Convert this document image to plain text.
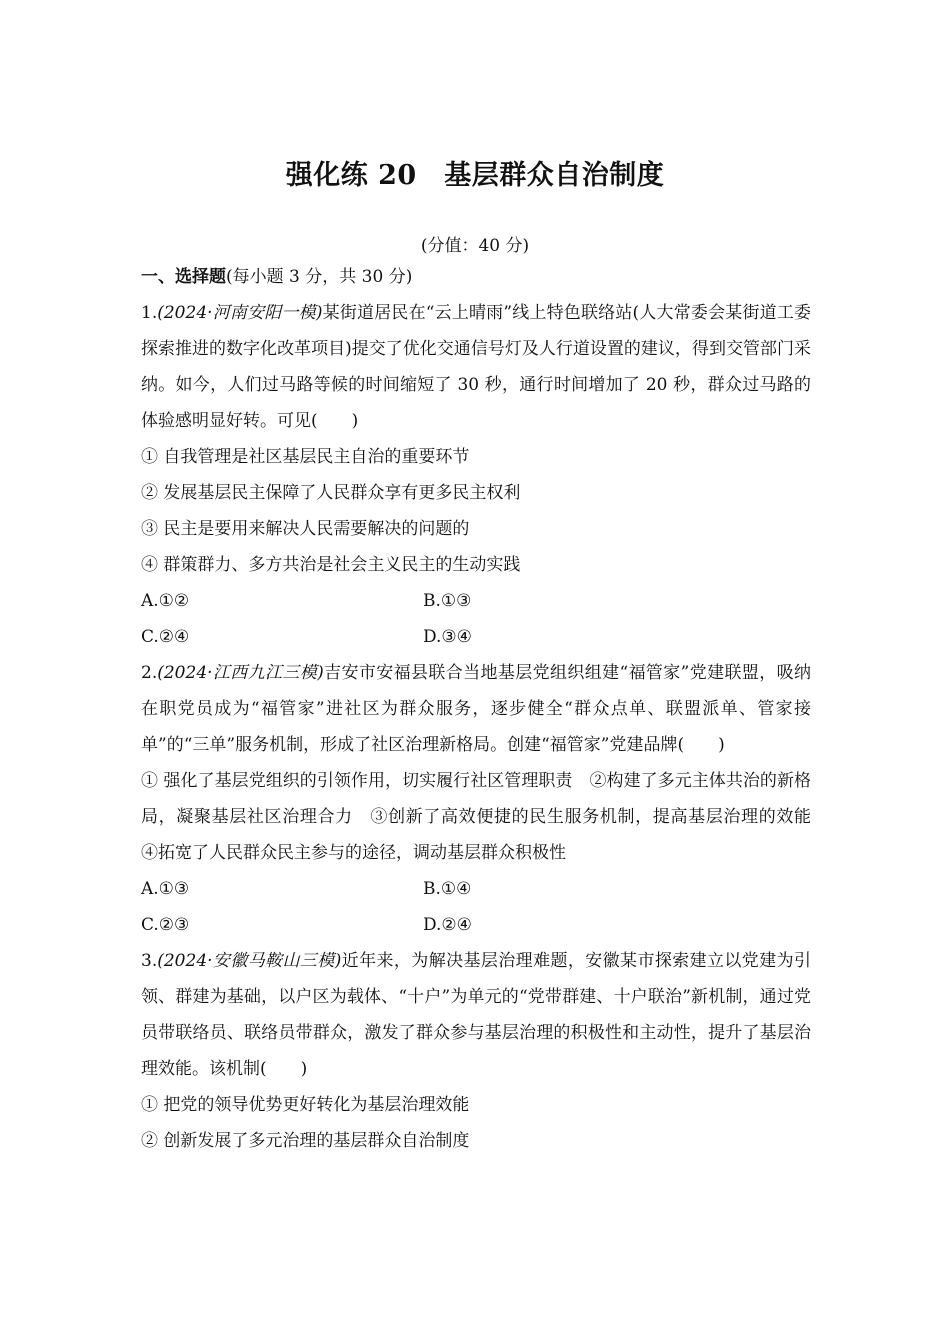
强化练 20　基层群众自治制度
(分值：40 分)
一、选择题(每小题 3 分，共 30 分)

1.(2024·河南安阳一模)某街道居民在“云上晴雨”线上特色联络站(人大常委会某街道工委探索推进的数字化改革项目)提交了优化交通信号灯及人行道设置的建议，得到交管部门采纳。如今，人们过马路等候的时间缩短了 30 秒，通行时间增加了 20 秒，群众过马路的体验感明显好转。可见(　　)

① 自我管理是社区基层民主自治的重要环节
② 发展基层民主保障了人民群众享有更多民主权利
③ 民主是要用来解决人民需要解决的问题的
④ 群策群力、多方共治是社会主义民主的生动实践
A.①②	B.①③
C.②④	D.③④

2.(2024·江西九江三模)吉安市安福县联合当地基层党组织组建“福管家”党建联盟，吸纳在职党员成为“福管家”进社区为群众服务，逐步健全“群众点单、联盟派单、管家接单”的“三单”服务机制，形成了社区治理新格局。创建“福管家”党建品牌(　　)

① 强化了基层党组织的引领作用，切实履行社区管理职责　②构建了多元主体共治的新格局，凝聚基层社区治理合力　③创新了高效便捷的民生服务机制，提高基层治理的效能　④拓宽了人民群众民主参与的途径，调动基层群众积极性

A.①③	B.①④
C.②③	D.②④

3.(2024·安徽马鞍山三模)近年来，为解决基层治理难题，安徽某市探索建立以党建为引领、群建为基础，以户区为载体、“十户”为单元的“党带群建、十户联治”新机制，通过党员带联络员、联络员带群众，激发了群众参与基层治理的积极性和主动性，提升了基层治理效能。该机制(　　)

① 把党的领导优势更好转化为基层治理效能
② 创新发展了多元治理的基层群众自治制度
